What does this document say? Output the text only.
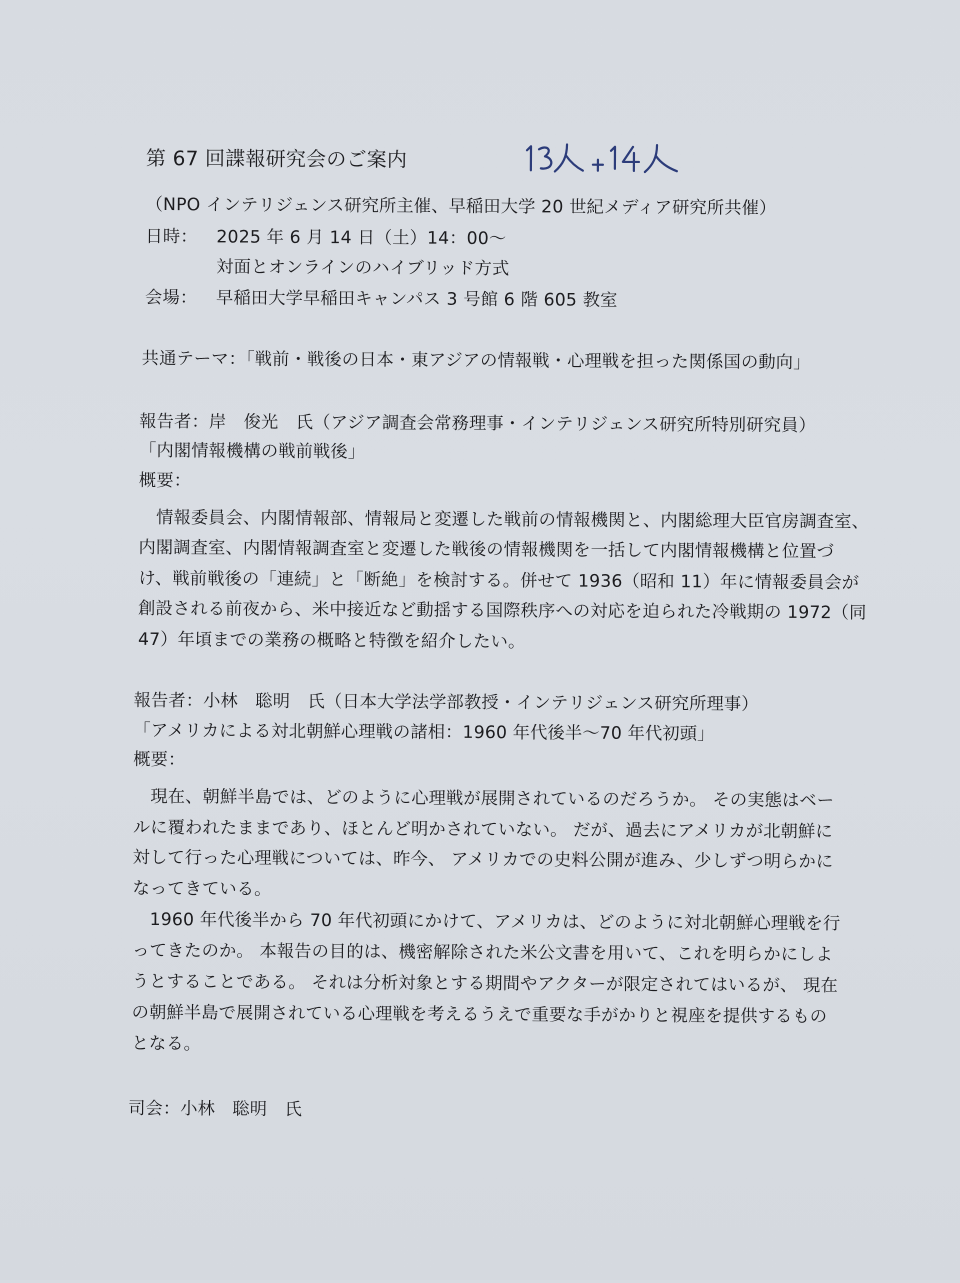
第 67 回諜報研究会のご案内
（NPO インテリジェンス研究所主催、早稲田大学 20 世紀メディア研究所共催）
日時： 2025 年 6 月 14 日（土）14：00～
対面とオンラインのハイブリッド方式
会場： 早稲田大学早稲田キャンパス 3 号館 6 階 605 教室
共通テーマ：「戦前・戦後の日本・東アジアの情報戦・心理戦を担った関係国の動向」
報告者：岸　俊光　氏（アジア調査会常務理事・インテリジェンス研究所特別研究員）
「内閣情報機構の戦前戦後」
概要：
　情報委員会、内閣情報部、情報局と変遷した戦前の情報機関と、内閣総理大臣官房調査室、
内閣調査室、内閣情報調査室と変遷した戦後の情報機関を一括して内閣情報機構と位置づ
け、戦前戦後の「連続」と「断絶」を検討する。併せて 1936（昭和 11）年に情報委員会が
創設される前夜から、米中接近など動揺する国際秩序への対応を迫られた冷戦期の 1972（同
47）年頃までの業務の概略と特徴を紹介したい。
報告者：小林　聡明　氏（日本大学法学部教授・インテリジェンス研究所理事）
「アメリカによる対北朝鮮心理戦の諸相：1960 年代後半～70 年代初頭」
概要：
　現在、朝鮮半島では、どのように心理戦が展開されているのだろうか。 その実態はベー
ルに覆われたままであり、ほとんど明かされていない。 だが、過去にアメリカが北朝鮮に
対して行った心理戦については、昨今、 アメリカでの史料公開が進み、少しずつ明らかに
なってきている。
　1960 年代後半から 70 年代初頭にかけて、アメリカは、どのように対北朝鮮心理戦を行
ってきたのか。 本報告の目的は、機密解除された米公文書を用いて、これを明らかにしよ
うとすることである。 それは分析対象とする期間やアクターが限定されてはいるが、 現在
の朝鮮半島で展開されている心理戦を考えるうえで重要な手がかりと視座を提供するもの
となる。
司会：小林　聡明　氏
